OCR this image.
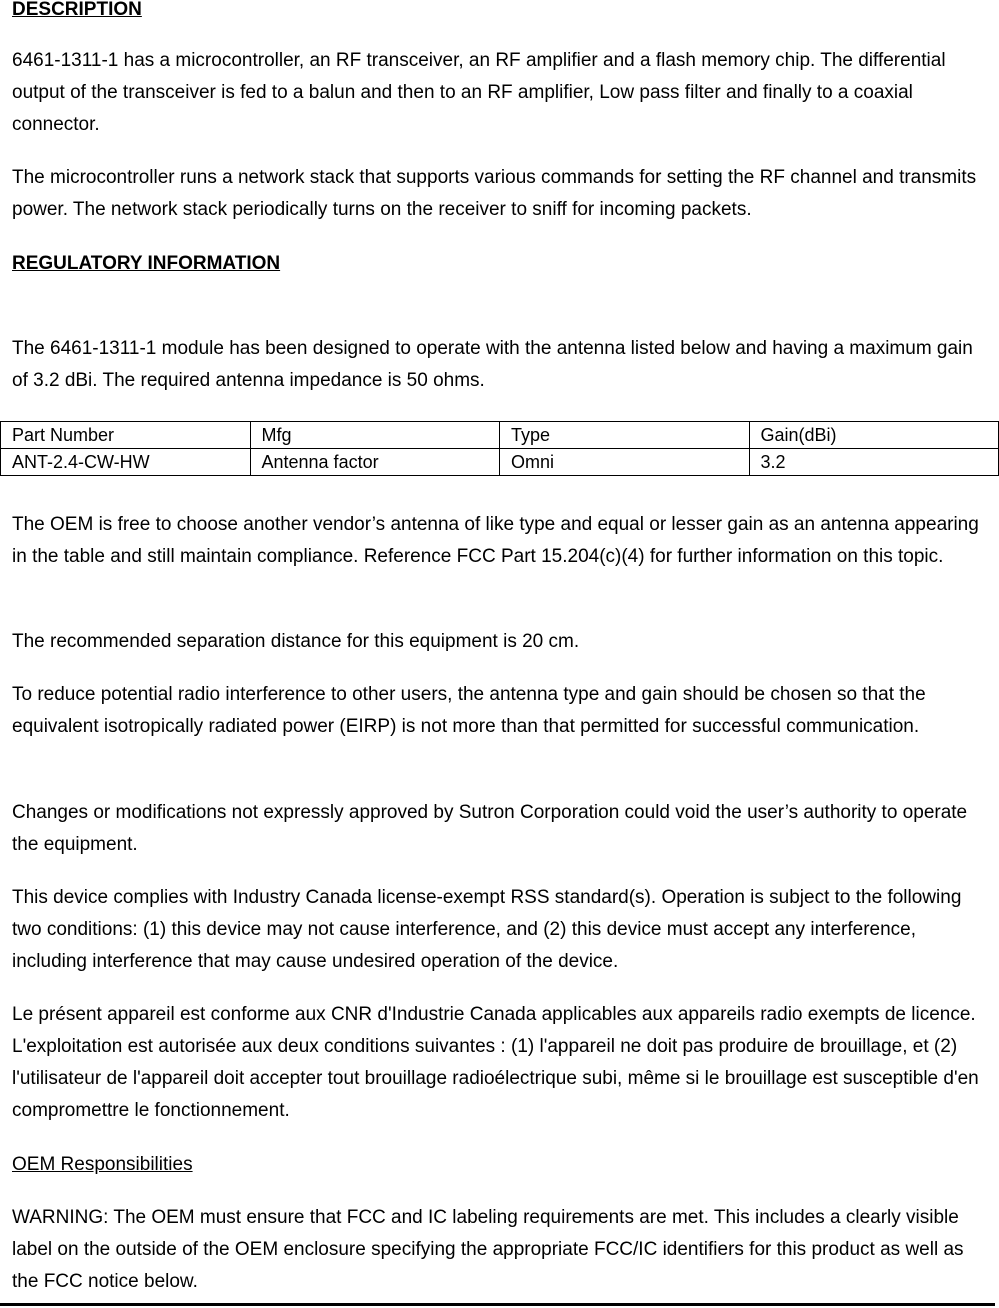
DESCRIPTION

6461-1311-1 has a microcontroller, an RF transceiver, an RF amplifier and a flash memory chip. The differential output of the transceiver is fed to a balun and then to an RF amplifier, Low pass filter and finally to a coaxial connector.

The microcontroller runs a network stack that supports various commands for setting the RF channel and transmits power. The network stack periodically turns on the receiver to sniff for incoming packets.

REGULATORY INFORMATION

The 6461-1311-1 module has been designed to operate with the antenna listed below and having a maximum gain of 3.2 dBi. The required antenna impedance is 50 ohms.

Part Number	Mfg	Type	Gain(dBi)
ANT-2.4-CW-HW	Antenna factor	Omni	3.2

The OEM is free to choose another vendor’s antenna of like type and equal or lesser gain as an antenna appearing in the table and still maintain compliance. Reference FCC Part 15.204(c)(4) for further information on this topic.

The recommended separation distance for this equipment is 20 cm.

To reduce potential radio interference to other users, the antenna type and gain should be chosen so that the equivalent isotropically radiated power (EIRP) is not more than that permitted for successful communication.

Changes or modifications not expressly approved by Sutron Corporation could void the user’s authority to operate the equipment.

This device complies with Industry Canada license-exempt RSS standard(s). Operation is subject to the following two conditions: (1) this device may not cause interference, and (2) this device must accept any interference, including interference that may cause undesired operation of the device.

Le présent appareil est conforme aux CNR d'Industrie Canada applicables aux appareils radio exempts de licence. L'exploitation est autorisée aux deux conditions suivantes : (1) l'appareil ne doit pas produire de brouillage, et (2) l'utilisateur de l'appareil doit accepter tout brouillage radioélectrique subi, même si le brouillage est susceptible d'en compromettre le fonctionnement.

OEM Responsibilities

WARNING: The OEM must ensure that FCC and IC labeling requirements are met. This includes a clearly visible label on the outside of the OEM enclosure specifying the appropriate FCC/IC identifiers for this product as well as the FCC notice below.
